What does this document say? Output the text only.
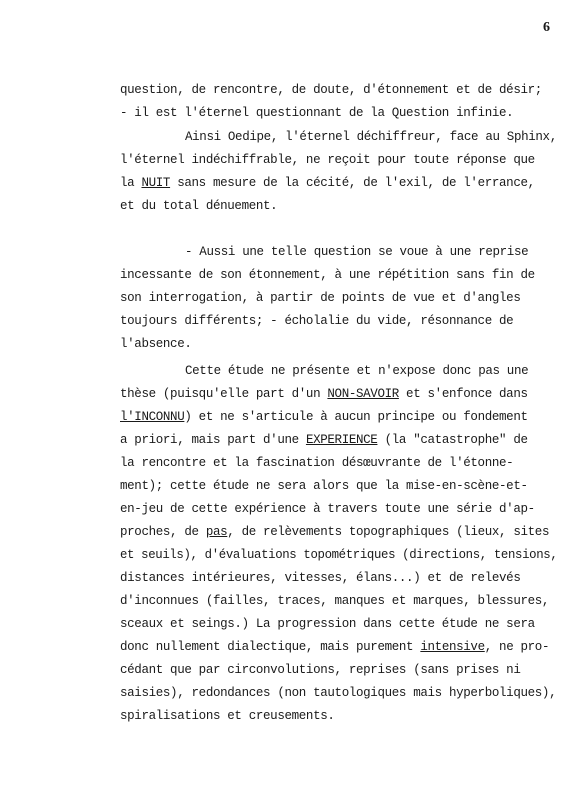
6
question, de rencontre, de doute, d'étonnement et de désir;
- il est l'éternel questionnant de la Question infinie.
Ainsi Oedipe, l'éternel déchiffreur, face au Sphinx,
l'éternel indéchiffrable, ne reçoit pour toute réponse que
la NUIT sans mesure de la cécité, de l'exil, de l'errance,
et du total dénuement.
- Aussi une telle question se voue à une reprise
incessante de son étonnement, à une répétition sans fin de
son interrogation, à partir de points de vue et d'angles
toujours différents; - écholalie du vide, résonnance de
l'absence.
Cette étude ne présente et n'expose donc pas une
thèse (puisqu'elle part d'un NON-SAVOIR et s'enfonce dans
l'INCONNU) et ne s'articule à aucun principe ou fondement
a priori, mais part d'une EXPERIENCE (la "catastrophe" de
la rencontre et la fascination désœuvrante de l'étonne-
ment); cette étude ne sera alors que la mise-en-scène-et-
en-jeu de cette expérience à travers toute une série d'ap-
proches, de pas, de relèvements topographiques (lieux, sites
et seuils), d'évaluations topométriques (directions, tensions,
distances intérieures, vitesses, élans...) et de relevés
d'inconnues (failles, traces, manques et marques, blessures,
sceaux et seings.) La progression dans cette étude ne sera
donc nullement dialectique, mais purement intensive, ne pro-
cédant que par circonvolutions, reprises (sans prises ni
saisies), redondances (non tautologiques mais hyperboliques),
spiralisations et creusements.
